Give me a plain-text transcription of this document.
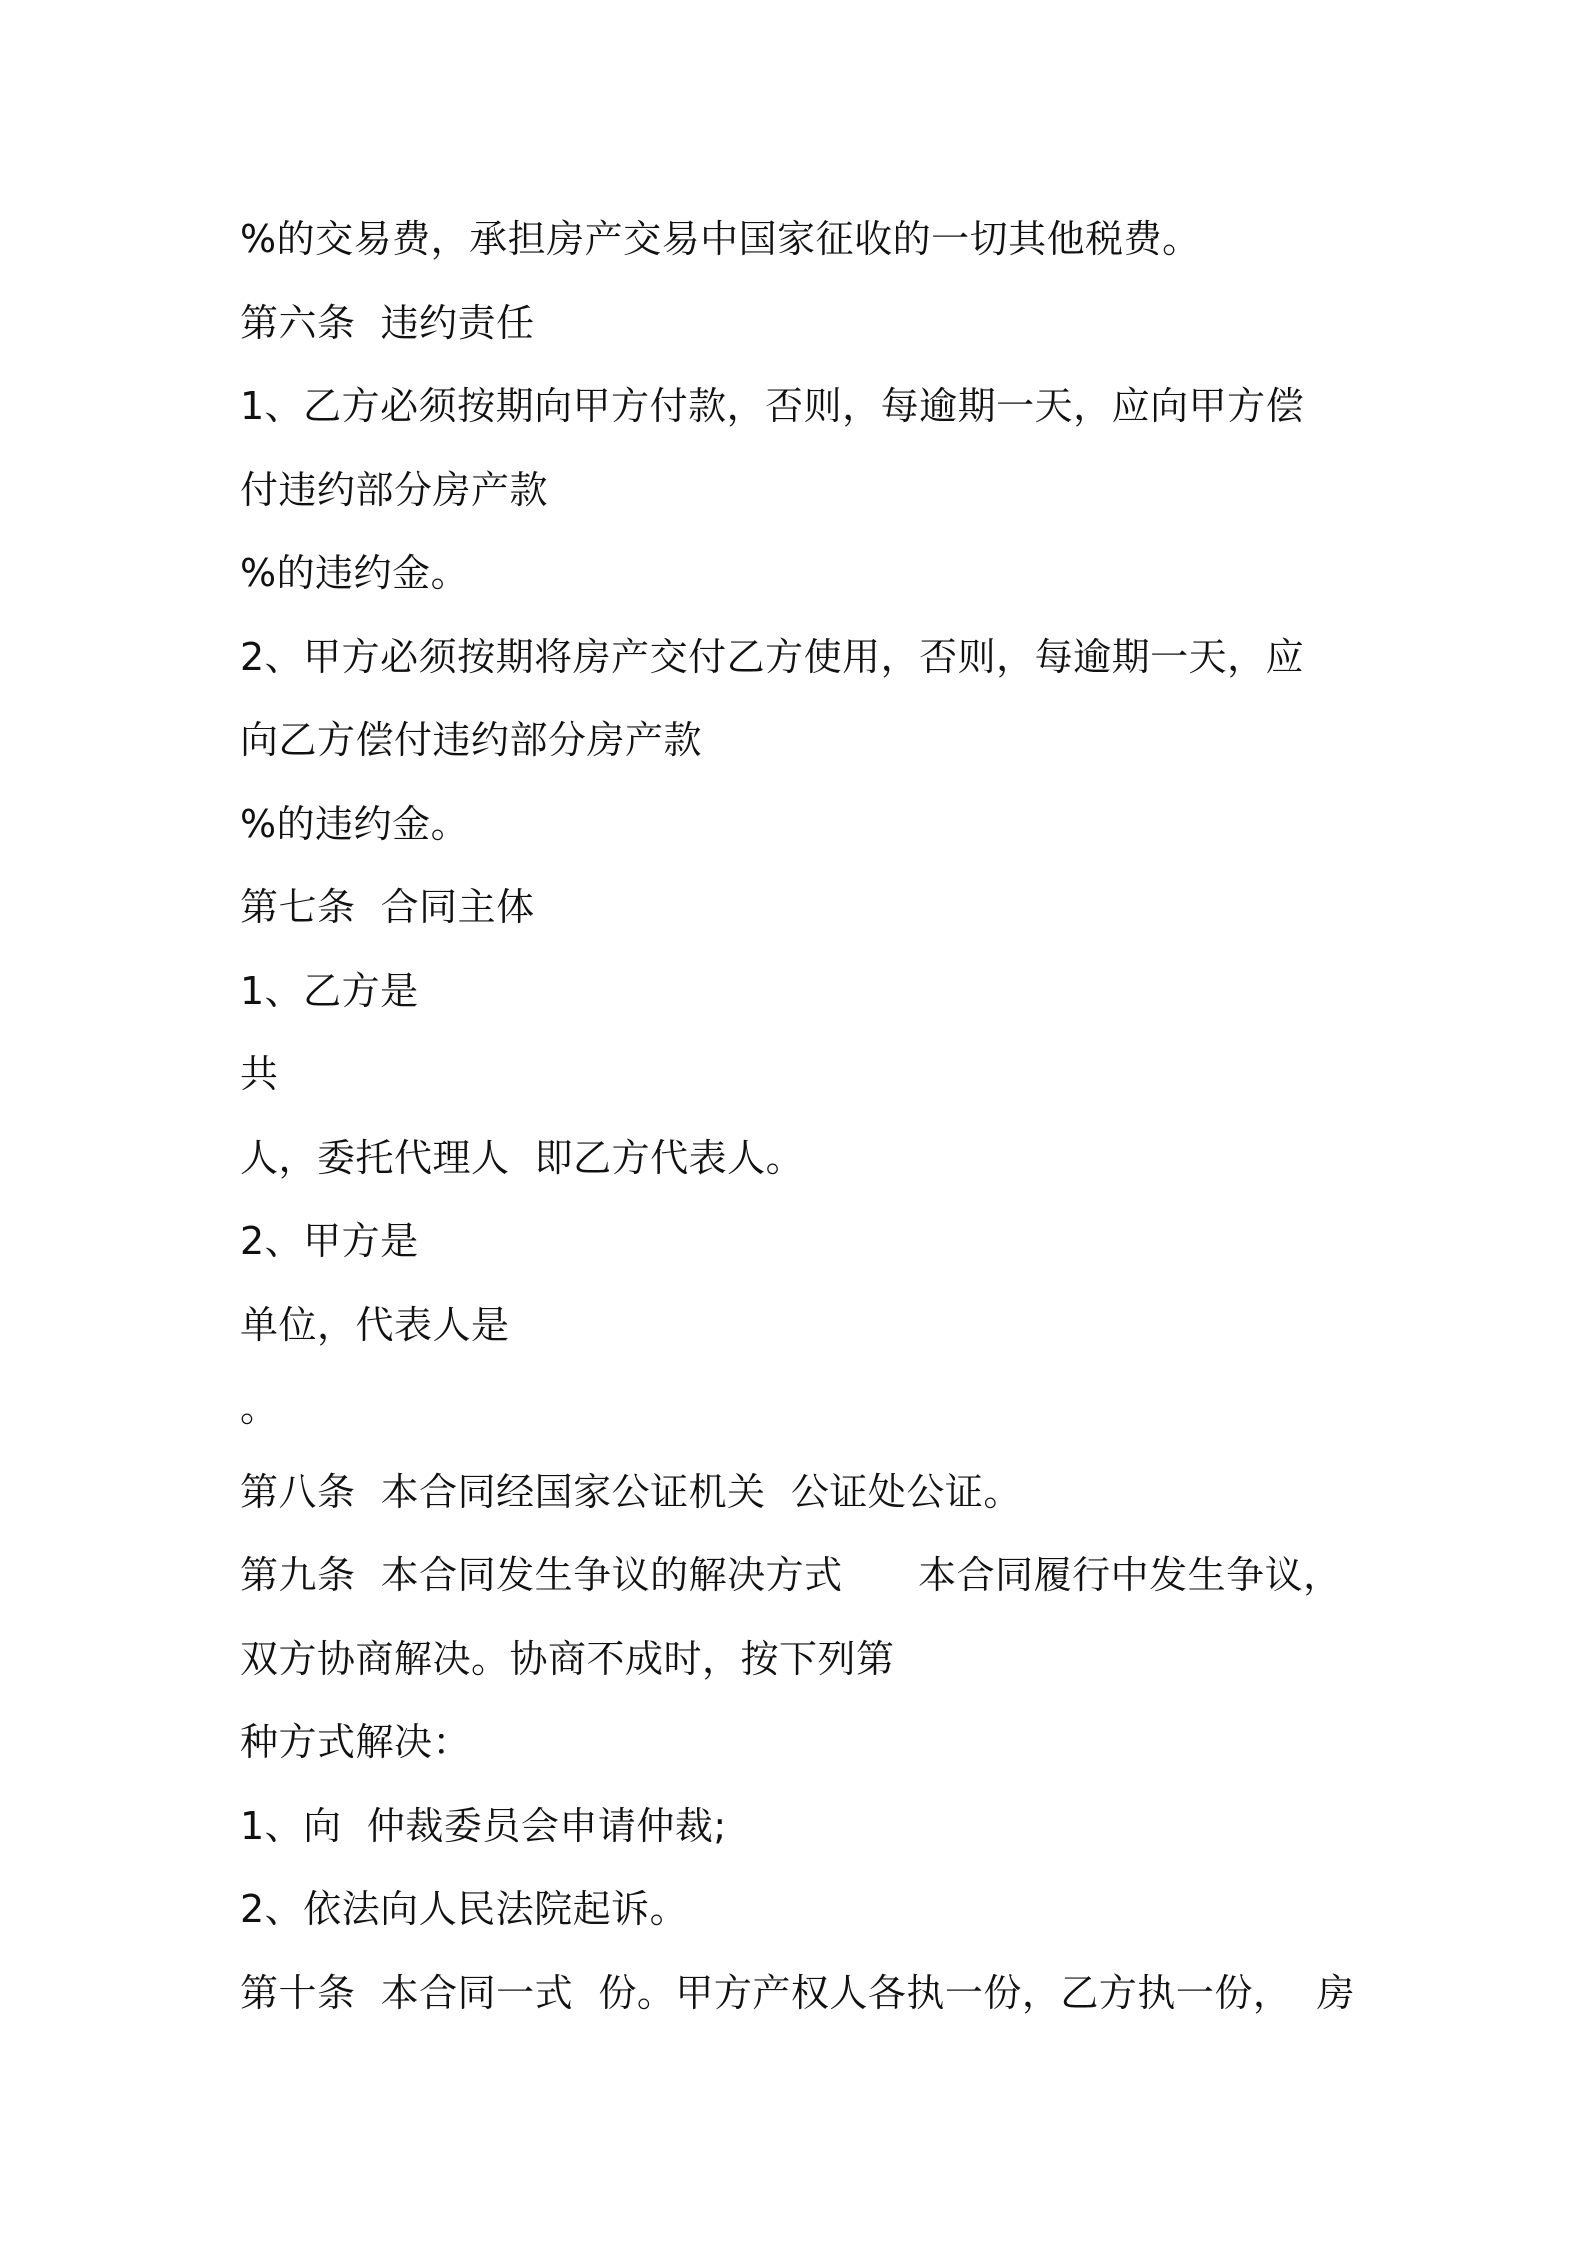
%的交易费，承担房产交易中国家征收的一切其他税费。
第六条  违约责任
1、乙方必须按期向甲方付款，否则，每逾期一天，应向甲方偿
付违约部分房产款
%的违约金。
2、甲方必须按期将房产交付乙方使用，否则，每逾期一天，应
向乙方偿付违约部分房产款
%的违约金。
第七条  合同主体
1、乙方是
共
人，委托代理人  即乙方代表人。
2、甲方是
单位，代表人是
。
第八条  本合同经国家公证机关  公证处公证。
第九条  本合同发生争议的解决方式      本合同履行中发生争议，
双方协商解决。协商不成时，按下列第
种方式解决：
1、向  仲裁委员会申请仲裁;
2、依法向人民法院起诉。
第十条  本合同一式  份。甲方产权人各执一份，乙方执一份，  房
